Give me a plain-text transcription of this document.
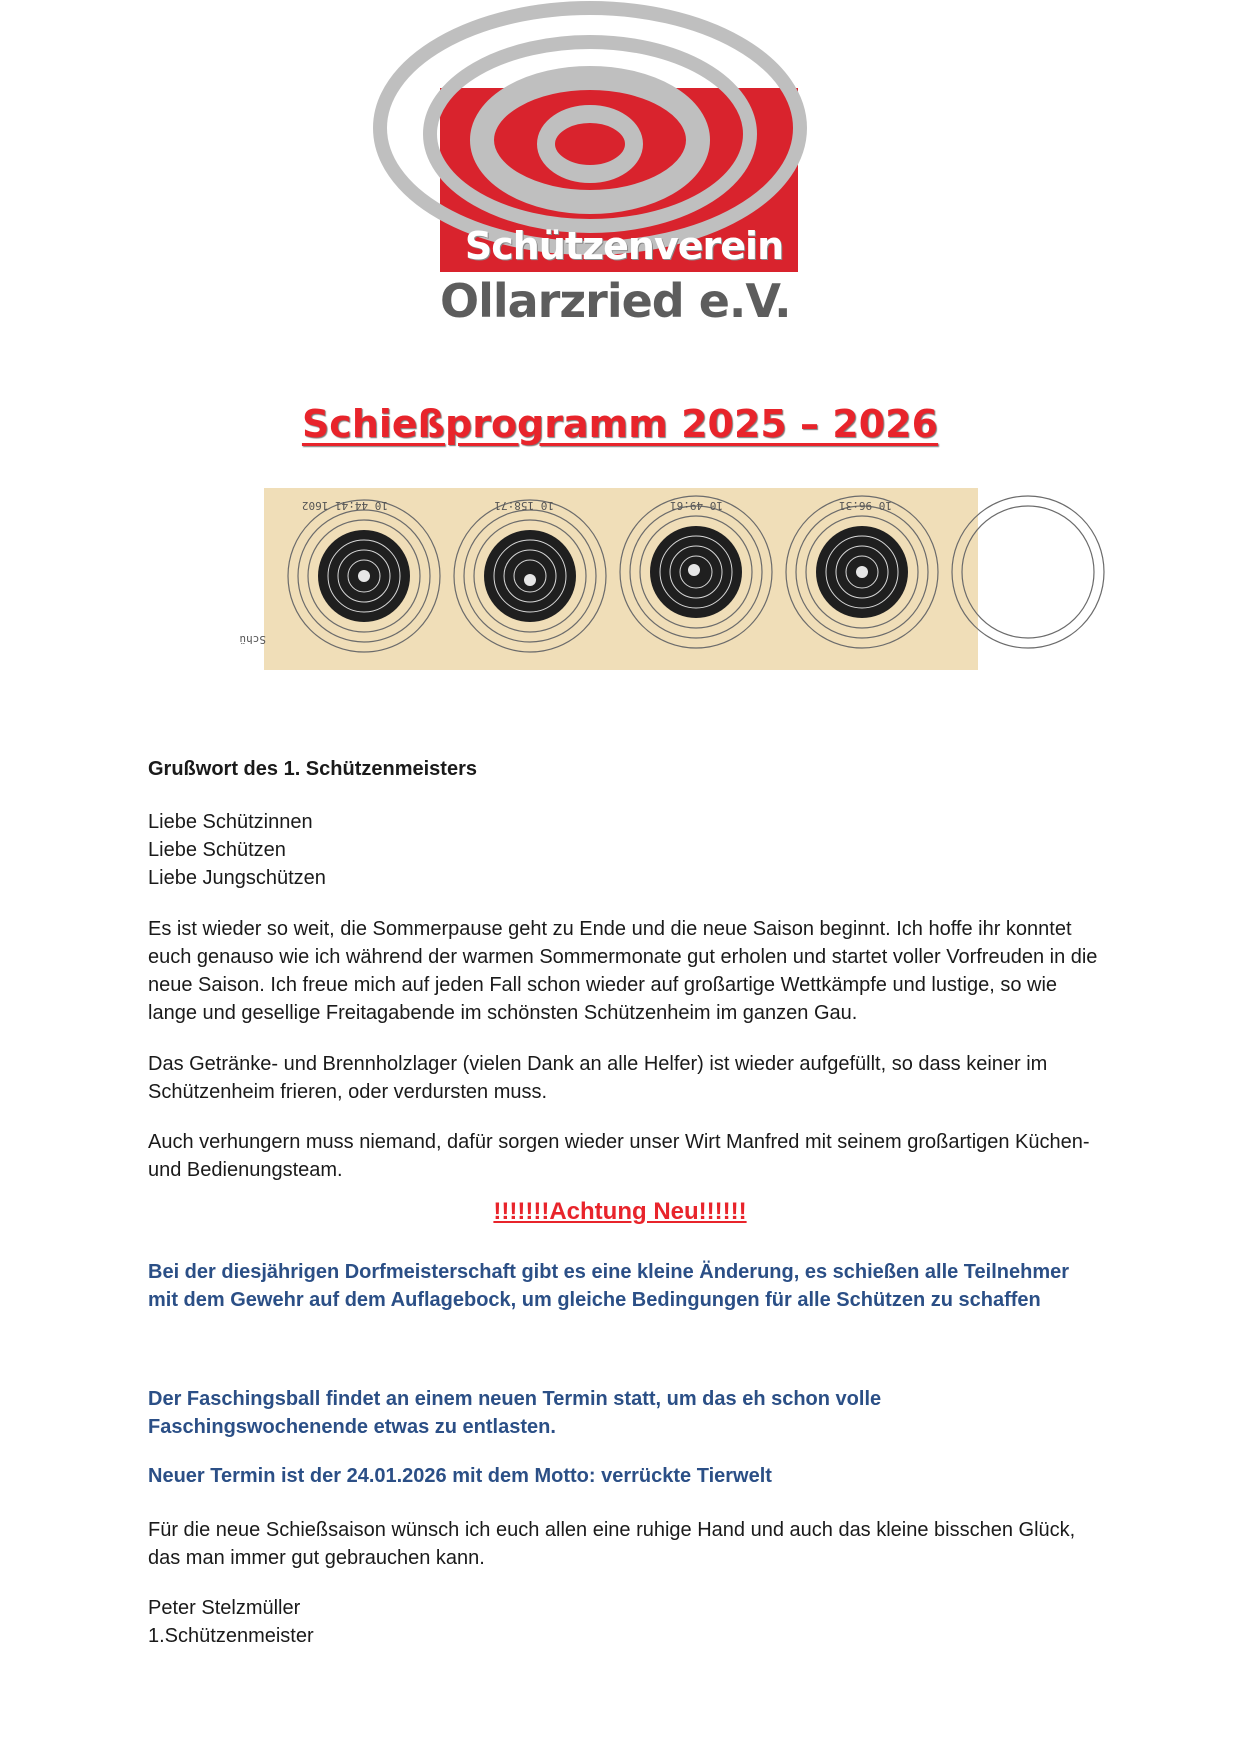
Schützenverein
Ollarzried e.V.
Schießprogramm 2025 – 2026
10 44:41 1602	10 158:71	10 49:61	10 96:31
Schü
Grußwort des 1. Schützenmeisters
Liebe Schützinnen
Liebe Schützen
Liebe Jungschützen
Es ist wieder so weit, die Sommerpause geht zu Ende und die neue Saison beginnt. Ich hoffe ihr konntet euch genauso wie ich während der warmen Sommermonate gut erholen und startet voller Vorfreuden in die neue Saison. Ich freue mich auf jeden Fall schon wieder auf großartige Wettkämpfe und lustige, so wie lange und gesellige Freitagabende im schönsten Schützenheim im ganzen Gau.
Das Getränke- und Brennholzlager (vielen Dank an alle Helfer) ist wieder aufgefüllt, so dass keiner im Schützenheim frieren, oder verdursten muss.
Auch verhungern muss niemand, dafür sorgen wieder unser Wirt Manfred mit seinem großartigen Küchen- und Bedienungsteam.
!!!!!!!Achtung Neu!!!!!!
Bei der diesjährigen Dorfmeisterschaft gibt es eine kleine Änderung, es schießen alle Teilnehmer mit dem Gewehr auf dem Auflagebock, um gleiche Bedingungen für alle Schützen zu schaffen
Der Faschingsball findet an einem neuen Termin statt, um das eh schon volle Faschingswochenende etwas zu entlasten.
Neuer Termin ist der 24.01.2026 mit dem Motto: verrückte Tierwelt
Für die neue Schießsaison wünsch ich euch allen eine ruhige Hand und auch das kleine bisschen Glück, das man immer gut gebrauchen kann.
Peter Stelzmüller
1.Schützenmeister
